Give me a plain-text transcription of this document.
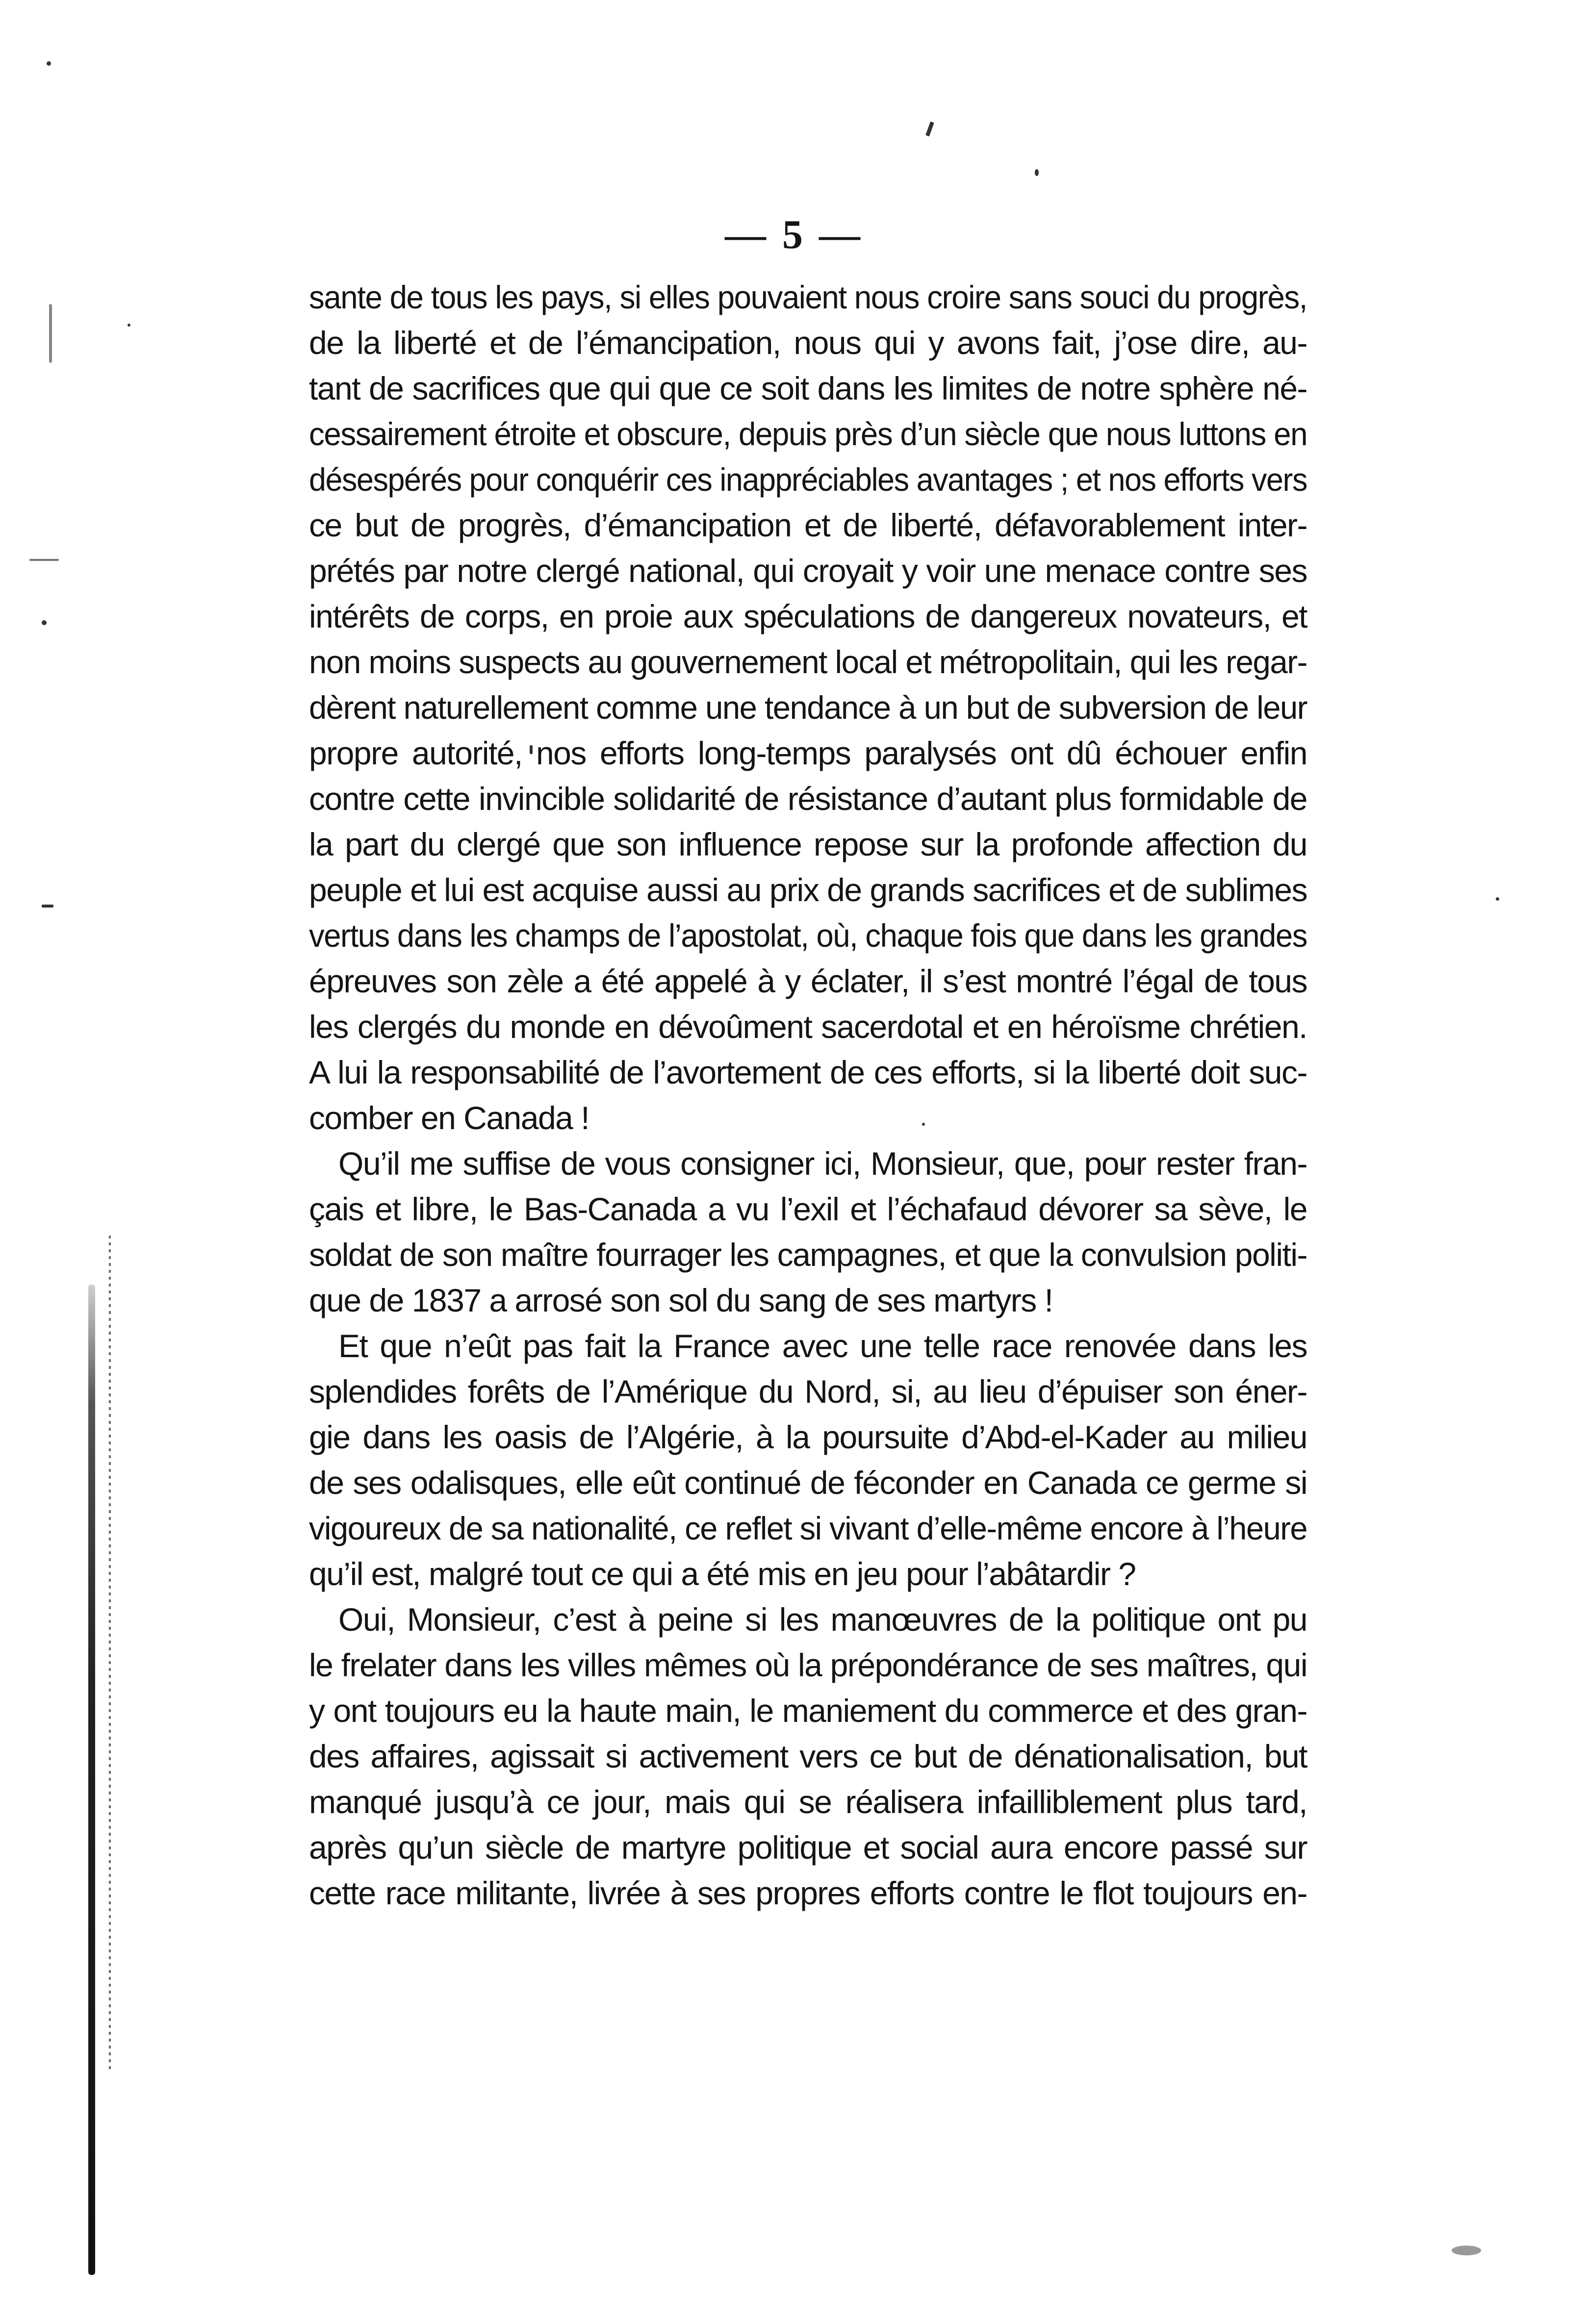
— 5 —
sante de tous les pays, si elles pouvaient nous croire sans souci du progrès,
de la liberté et de l’émancipation, nous qui y avons fait, j’ose dire, au-
tant de sacrifices que qui que ce soit dans les limites de notre sphère né-
cessairement étroite et obscure, depuis près d’un siècle que nous luttons en
désespérés pour conquérir ces inappréciables avantages ; et nos efforts vers
ce but de progrès, d’émancipation et de liberté, défavorablement inter-
prétés par notre clergé national, qui croyait y voir une menace contre ses
intérêts de corps, en proie aux spéculations de dangereux novateurs, et
non moins suspects au gouvernement local et métropolitain, qui les regar-
dèrent naturellement comme une tendance à un but de subversion de leur
propre autorité, nos efforts long-temps paralysés ont dû échouer enfin
contre cette invincible solidarité de résistance d’autant plus formidable de
la part du clergé que son influence repose sur la profonde affection du
peuple et lui est acquise aussi au prix de grands sacrifices et de sublimes
vertus dans les champs de l’apostolat, où, chaque fois que dans les grandes
épreuves son zèle a été appelé à y éclater, il s’est montré l’égal de tous
les clergés du monde en dévoûment sacerdotal et en héroïsme chrétien.
A lui la responsabilité de l’avortement de ces efforts, si la liberté doit suc-
comber en Canada !
Qu’il me suffise de vous consigner ici, Monsieur, que, pour rester fran-
çais et libre, le Bas-Canada a vu l’exil et l’échafaud dévorer sa sève, le
soldat de son maître fourrager les campagnes, et que la convulsion politi-
que de 1837 a arrosé son sol du sang de ses martyrs !
Et que n’eût pas fait la France avec une telle race renovée dans les
splendides forêts de l’Amérique du Nord, si, au lieu d’épuiser son éner-
gie dans les oasis de l’Algérie, à la poursuite d’Abd-el-Kader au milieu
de ses odalisques, elle eût continué de féconder en Canada ce germe si
vigoureux de sa nationalité, ce reflet si vivant d’elle-même encore à l’heure
qu’il est, malgré tout ce qui a été mis en jeu pour l’abâtardir ?
Oui, Monsieur, c’est à peine si les manœuvres de la politique ont pu
le frelater dans les villes mêmes où la prépondérance de ses maîtres, qui
y ont toujours eu la haute main, le maniement du commerce et des gran-
des affaires, agissait si activement vers ce but de dénationalisation, but
manqué jusqu’à ce jour, mais qui se réalisera infailliblement plus tard,
après qu’un siècle de martyre politique et social aura encore passé sur
cette race militante, livrée à ses propres efforts contre le flot toujours en-
